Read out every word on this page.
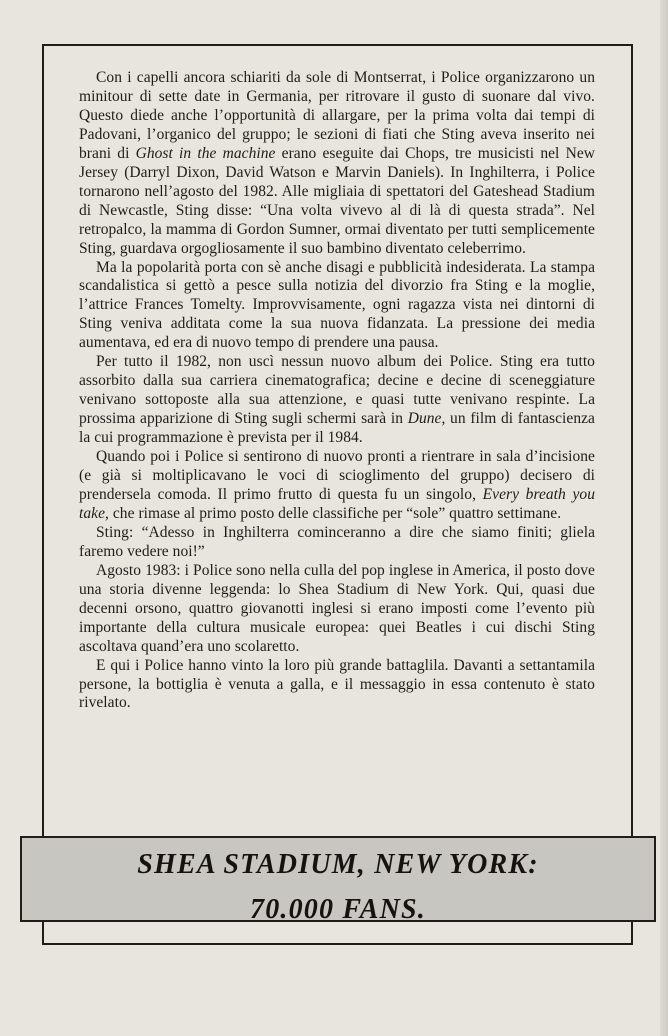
Con i capelli ancora schiariti da sole di Montserrat, i Police organizzarono un minitour di sette date in Germania, per ritrovare il gusto di suonare dal vivo. Questo diede anche l’opportunità di allargare, per la prima volta dai tempi di Padovani, l’organico del gruppo; le sezioni di fiati che Sting aveva inserito nei brani di Ghost in the machine erano eseguite dai Chops, tre musicisti nel New Jersey (Darryl Dixon, David Watson e Marvin Daniels). In Inghilterra, i Police tornarono nell’agosto del 1982. Alle migliaia di spettatori del Gateshead Stadium di Newcastle, Sting disse: “Una volta vivevo al di là di questa strada”. Nel retropalco, la mamma di Gordon Sumner, ormai diventato per tutti semplicemente Sting, guardava orgogliosamente il suo bambino diventato celeberrimo.

Ma la popolarità porta con sè anche disagi e pubblicità indesiderata. La stampa scandalistica si gettò a pesce sulla notizia del divorzio fra Sting e la moglie, l’attrice Frances Tomelty. Improvvisamente, ogni ragazza vista nei dintorni di Sting veniva additata come la sua nuova fidanzata. La pressione dei media aumentava, ed era di nuovo tempo di prendere una pausa.

Per tutto il 1982, non uscì nessun nuovo album dei Police. Sting era tutto assorbito dalla sua carriera cinematografica; decine e decine di sceneggiature venivano sottoposte alla sua attenzione, e quasi tutte venivano respinte. La prossima apparizione di Sting sugli schermi sarà in Dune, un film di fantascienza la cui programmazione è prevista per il 1984.

Quando poi i Police si sentirono di nuovo pronti a rientrare in sala d’incisione (e già si moltiplicavano le voci di scioglimento del gruppo) decisero di prendersela comoda. Il primo frutto di questa fu un singolo, Every breath you take, che rimase al primo posto delle classifiche per “sole” quattro settimane.

Sting: “Adesso in Inghilterra cominceranno a dire che siamo finiti; gliela faremo vedere noi!”

Agosto 1983: i Police sono nella culla del pop inglese in America, il posto dove una storia divenne leggenda: lo Shea Stadium di New York. Qui, quasi due decenni orsono, quattro giovanotti inglesi si erano imposti come l’evento più importante della cultura musicale europea: quei Beatles i cui dischi Sting ascoltava quand’era uno scolaretto.

E qui i Police hanno vinto la loro più grande battaglila. Davanti a settantamila persone, la bottiglia è venuta a galla, e il messaggio in essa contenuto è stato rivelato.

SHEA STADIUM, NEW YORK:
70.000 FANS.
